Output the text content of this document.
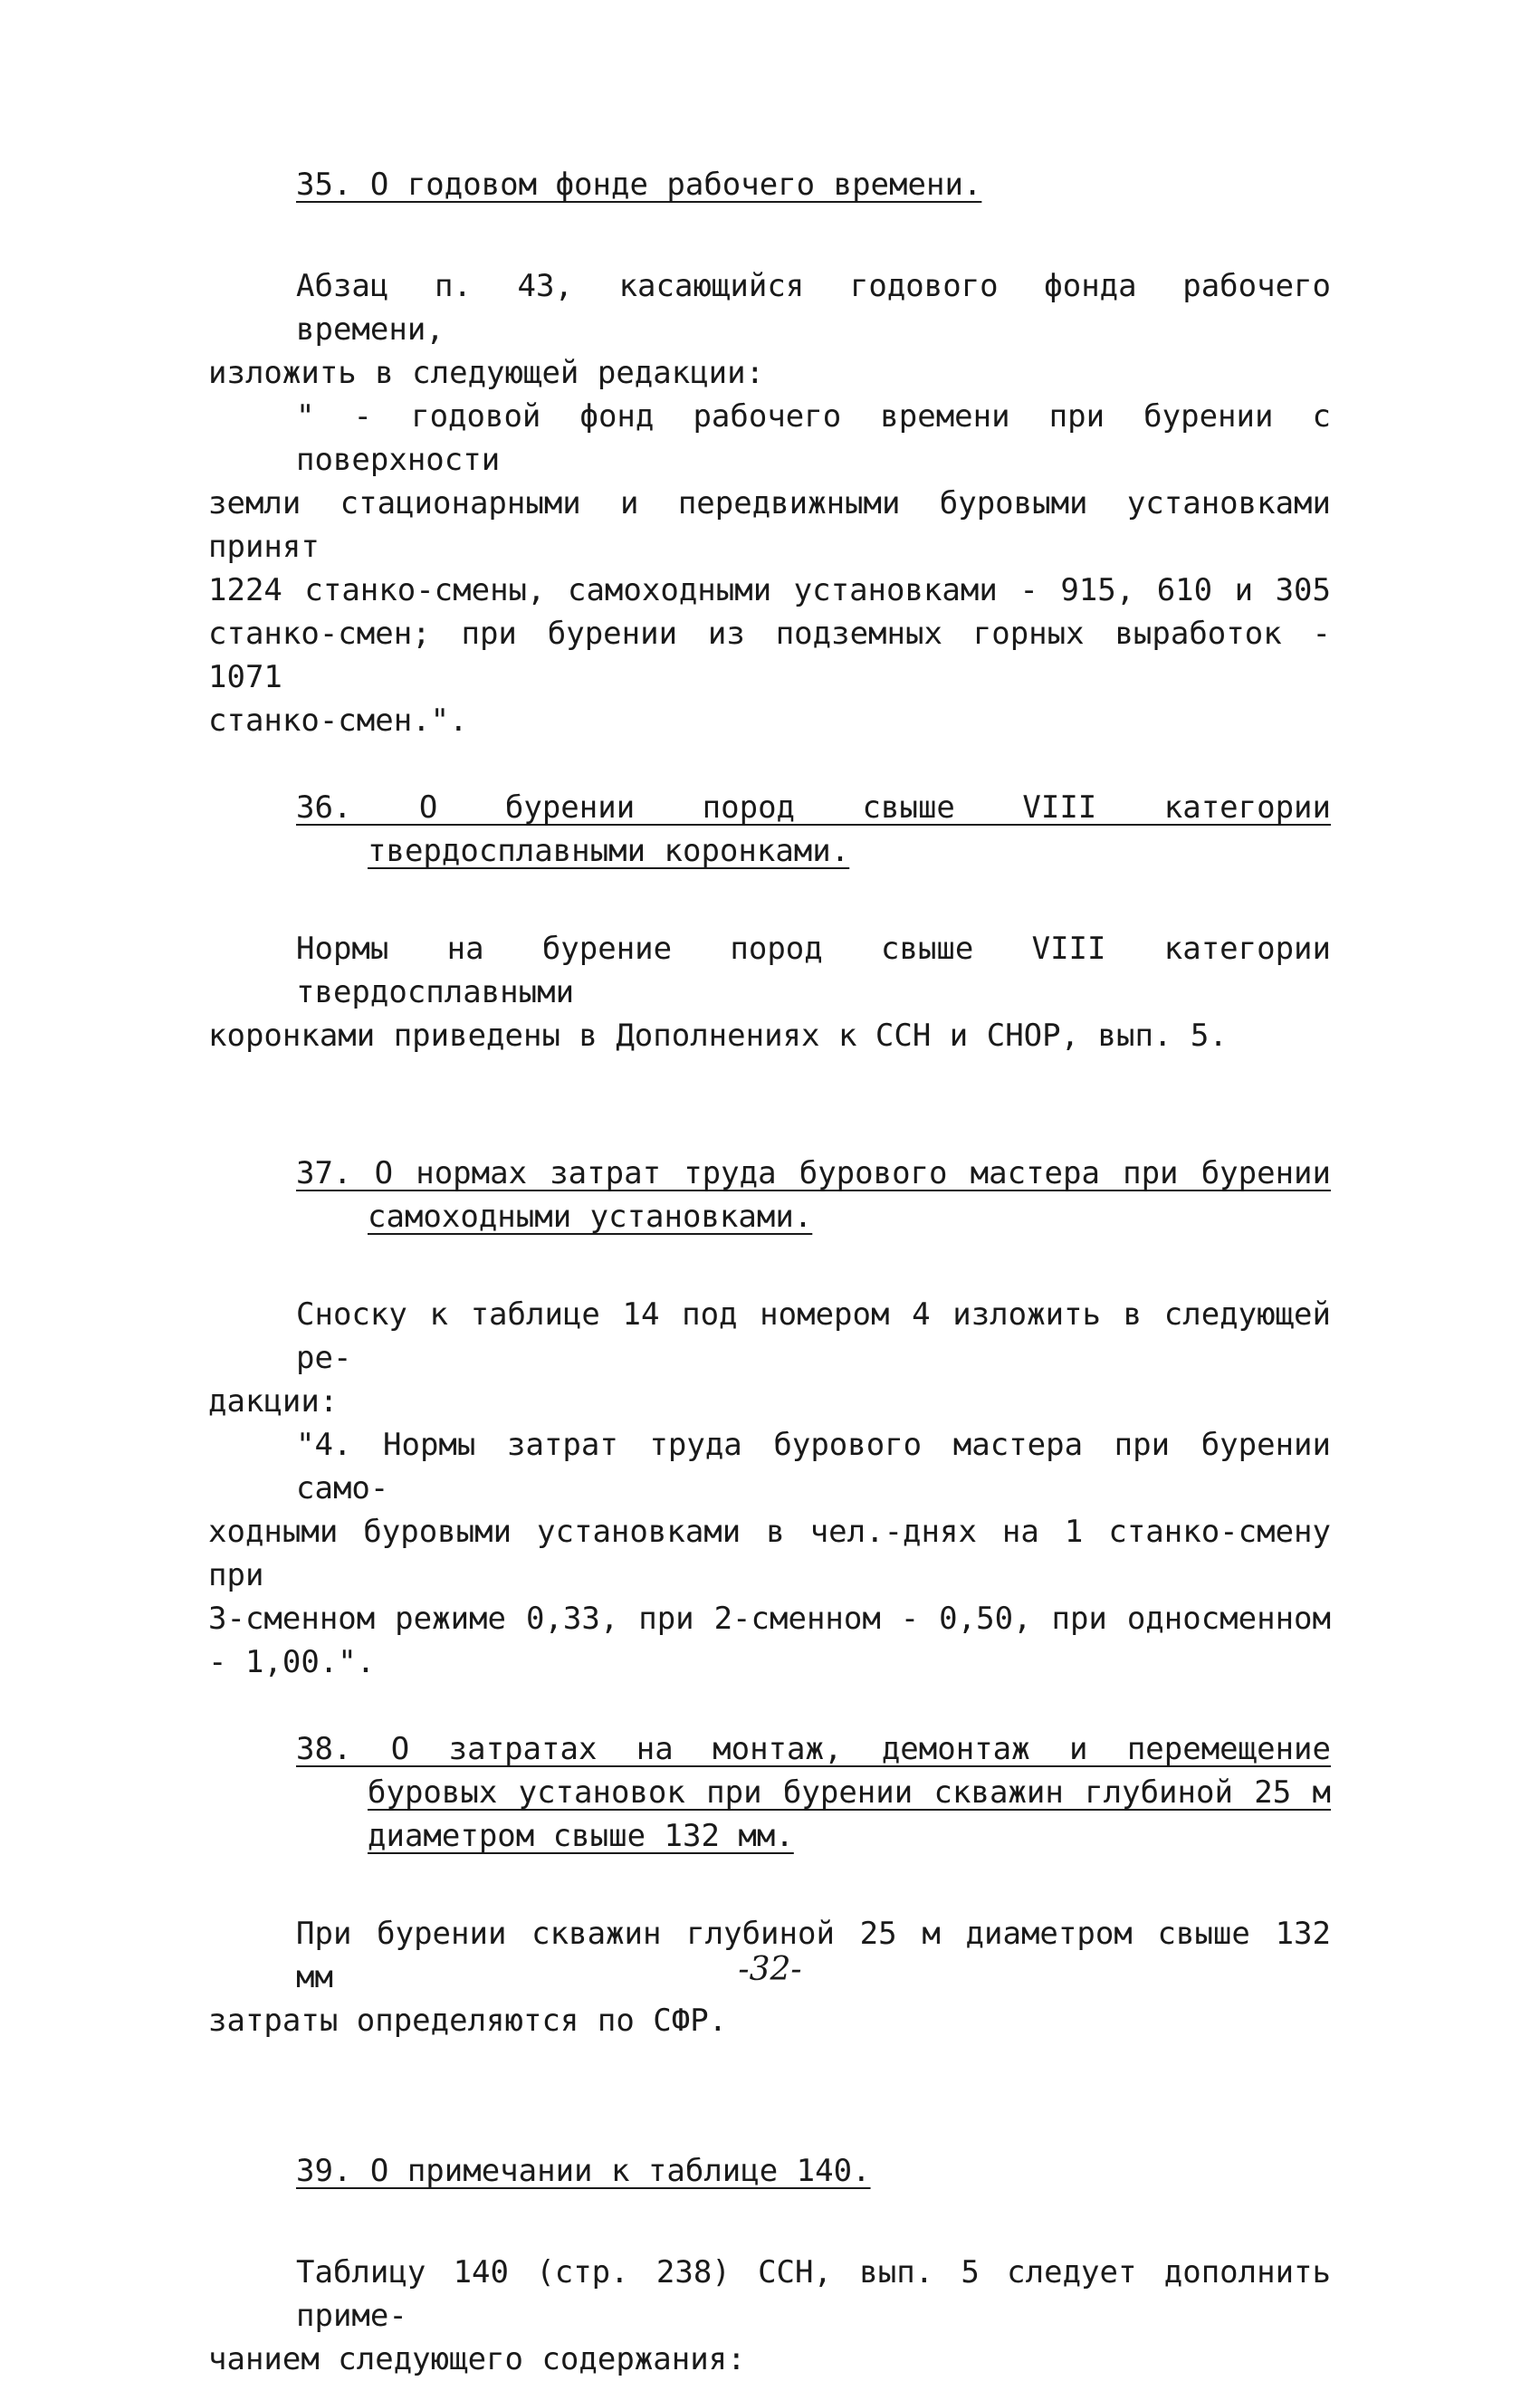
35. О годовом фонде рабочего времени.
Абзац п. 43, касающийся годового фонда рабочего времени,
изложить в следующей редакции:
" - годовой фонд рабочего времени при бурении с поверхности
земли стационарными и передвижными буровыми установками принят
1224 станко-смены, самоходными установками - 915, 610 и 305
станко-смен; при бурении из подземных горных выработок - 1071
станко-смен.".
36. О бурении пород свыше VIII категории твердосплавными коронками.
Нормы на бурение пород свыше VIII категории твердосплавными
коронками приведены в Дополнениях к ССН и СНОР, вып. 5.
37. О нормах затрат труда бурового мастера при бурении самоходными установками.
Сноску к таблице 14 под номером 4 изложить в следующей ре-
дакции:
"4. Нормы затрат труда бурового мастера при бурении само-
ходными буровыми установками в чел.-днях на 1 станко-смену при
3-сменном режиме 0,33, при 2-сменном - 0,50, при односменном
- 1,00.".
38. О затратах на монтаж, демонтаж и перемещение буровых установок при бурении скважин глубиной 25 м диаметром свыше 132 мм.
При бурении скважин глубиной 25 м диаметром свыше 132 мм
затраты определяются по СФР.
39. О примечании к таблице 140.
Таблицу 140 (стр. 238) ССН, вып. 5 следует дополнить приме-
чанием следующего содержания:
-32-
